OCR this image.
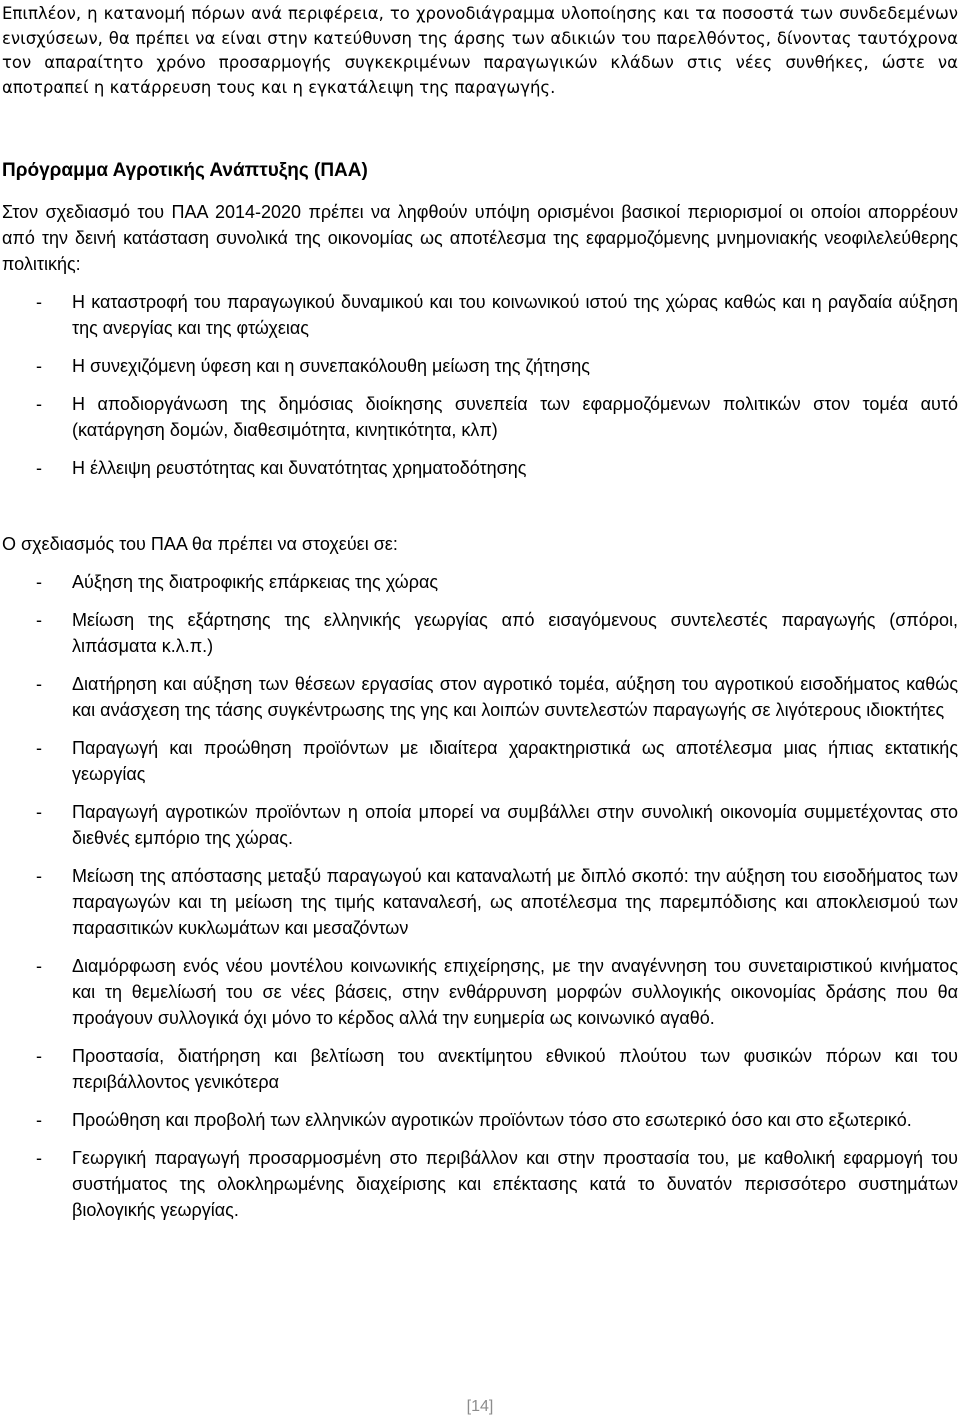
Επιπλέον, η κατανομή πόρων ανά περιφέρεια, το χρονοδιάγραμμα υλοποίησης και τα ποσοστά των συνδεδεμένων ενισχύσεων, θα πρέπει να είναι στην κατεύθυνση της άρσης των αδικιών του παρελθόντος, δίνοντας ταυτόχρονα τον απαραίτητο χρόνο προσαρμογής συγκεκριμένων παραγωγικών κλάδων στις νέες συνθήκες, ώστε να αποτραπεί η κατάρρευση τους και η εγκατάλειψη της παραγωγής.

Πρόγραμμα Αγροτικής Ανάπτυξης (ΠΑΑ)

Στον σχεδιασμό του ΠΑΑ 2014-2020 πρέπει να ληφθούν υπόψη ορισμένοι βασικοί περιορισμοί οι οποίοι απορρέουν από την δεινή κατάσταση συνολικά της οικονομίας ως αποτέλεσμα της εφαρμοζόμενης μνημονιακής νεοφιλελεύθερης πολιτικής:

- Η καταστροφή του παραγωγικού δυναμικού και του κοινωνικού ιστού της χώρας καθώς και η ραγδαία αύξηση της ανεργίας και της φτώχειας
- Η συνεχιζόμενη ύφεση και η συνεπακόλουθη μείωση της ζήτησης
- Η αποδιοργάνωση της δημόσιας διοίκησης συνεπεία των εφαρμοζόμενων πολιτικών στον τομέα αυτό (κατάργηση δομών, διαθεσιμότητα, κινητικότητα, κλπ)
- Η έλλειψη ρευστότητας και δυνατότητας χρηματοδότησης

Ο σχεδιασμός του ΠΑΑ θα πρέπει να στοχεύει σε:

- Αύξηση της διατροφικής επάρκειας της χώρας
- Μείωση της εξάρτησης της ελληνικής γεωργίας από εισαγόμενους συντελεστές παραγωγής (σπόροι, λιπάσματα κ.λ.π.)
- Διατήρηση και αύξηση των θέσεων εργασίας στον αγροτικό τομέα, αύξηση του αγροτικού εισοδήματος καθώς και ανάσχεση της τάσης συγκέντρωσης της γης και λοιπών συντελεστών παραγωγής σε λιγότερους ιδιοκτήτες
- Παραγωγή και προώθηση προϊόντων με ιδιαίτερα χαρακτηριστικά ως αποτέλεσμα μιας ήπιας εκτατικής γεωργίας
- Παραγωγή αγροτικών προϊόντων η οποία μπορεί να συμβάλλει στην συνολική οικονομία συμμετέχοντας στο διεθνές εμπόριο της χώρας.
- Μείωση της απόστασης μεταξύ παραγωγού και καταναλωτή με διπλό σκοπό: την αύξηση του εισοδήματος των παραγωγών και τη μείωση της τιμής καταναλεσή, ως αποτέλεσμα της παρεμπόδισης και αποκλεισμού των παρασιτικών κυκλωμάτων και μεσαζόντων
- Διαμόρφωση ενός νέου μοντέλου κοινωνικής επιχείρησης, με την αναγέννηση του συνεταιριστικού κινήματος και τη θεμελίωσή του σε νέες βάσεις, στην ενθάρρυνση μορφών συλλογικής οικονομίας δράσης που θα προάγουν συλλογικά όχι μόνο το κέρδος αλλά την ευημερία ως κοινωνικό αγαθό.
- Προστασία, διατήρηση και βελτίωση του ανεκτίμητου εθνικού πλούτου των φυσικών πόρων και του περιβάλλοντος γενικότερα
- Προώθηση και προβολή των ελληνικών αγροτικών προϊόντων τόσο στο εσωτερικό όσο και στο εξωτερικό.
- Γεωργική παραγωγή προσαρμοσμένη στο περιβάλλον και στην προστασία του, με καθολική εφαρμογή του συστήματος της ολοκληρωμένης διαχείρισης και επέκτασης κατά το δυνατόν περισσότερο συστημάτων βιολογικής γεωργίας.
[14]
